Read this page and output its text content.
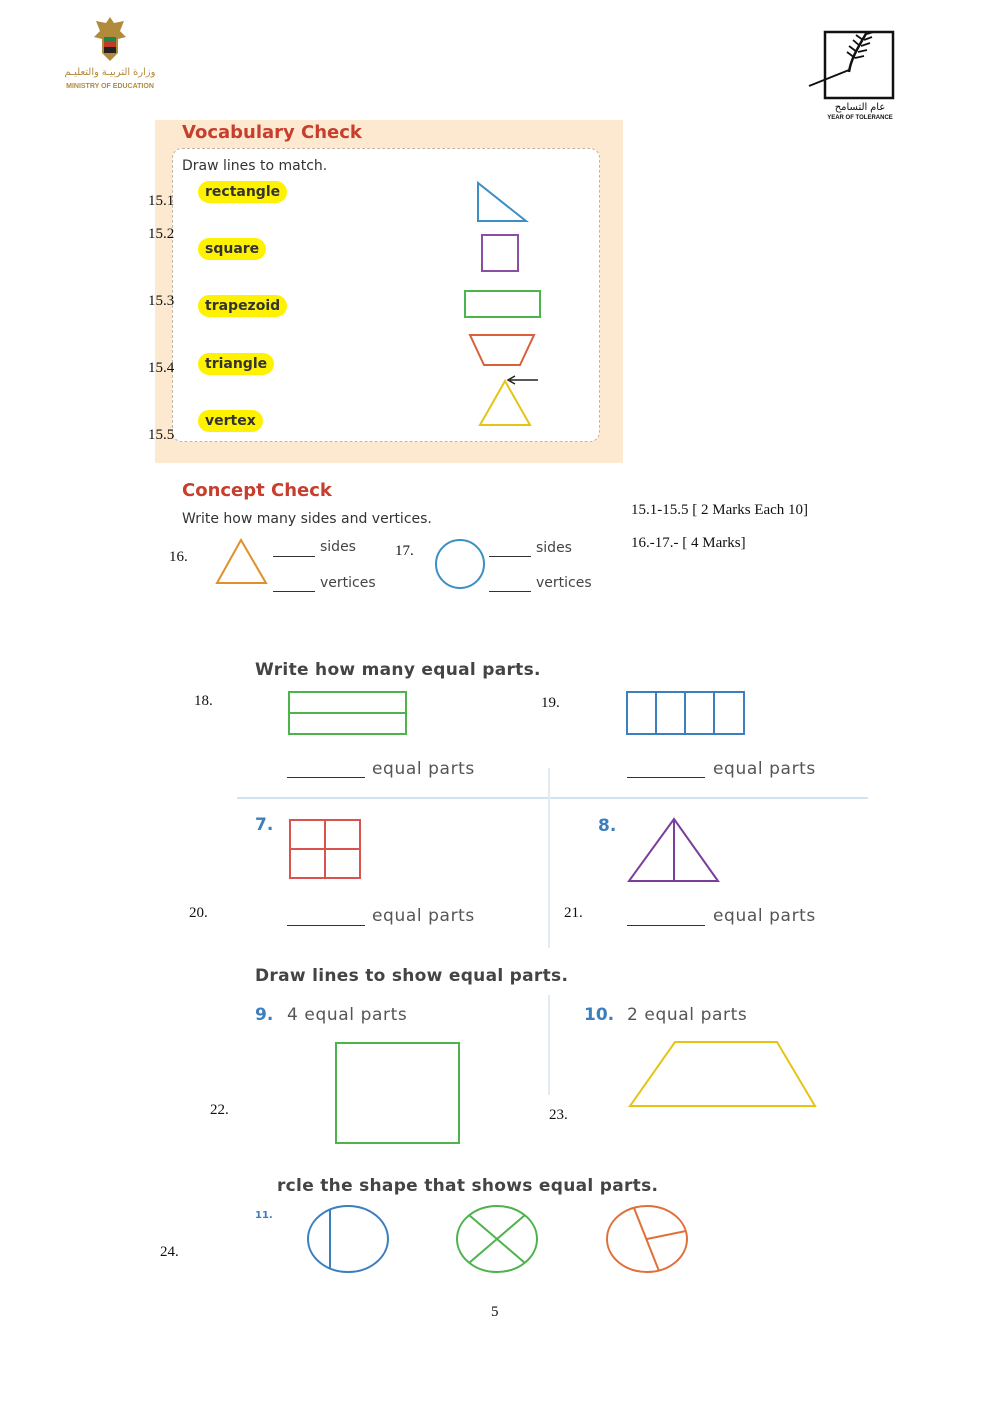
وزارة التربيـة والتعليـم
MINISTRY OF EDUCATION
عام التسامح
YEAR OF TOLERANCE
Vocabulary Check
Draw lines to match.
rectangle
square
trapezoid
triangle
vertex
15.1
15.2
15.3
15.4
15.5
Concept Check
Write how many sides and vertices.
16.
sides
vertices
17.	sides
vertices
15.1-15.5 [ 2 Marks Each 10]
16.-17.- [ 4 Marks]
Write how many equal parts.
18.
equal parts
19.
equal parts
7.
20.	equal parts
8.
21.	equal parts
Draw lines to show equal parts.
9. 4 equal parts
22.
10. 2 equal parts
23.
rcle the shape that shows equal parts.
11.
24.
5
